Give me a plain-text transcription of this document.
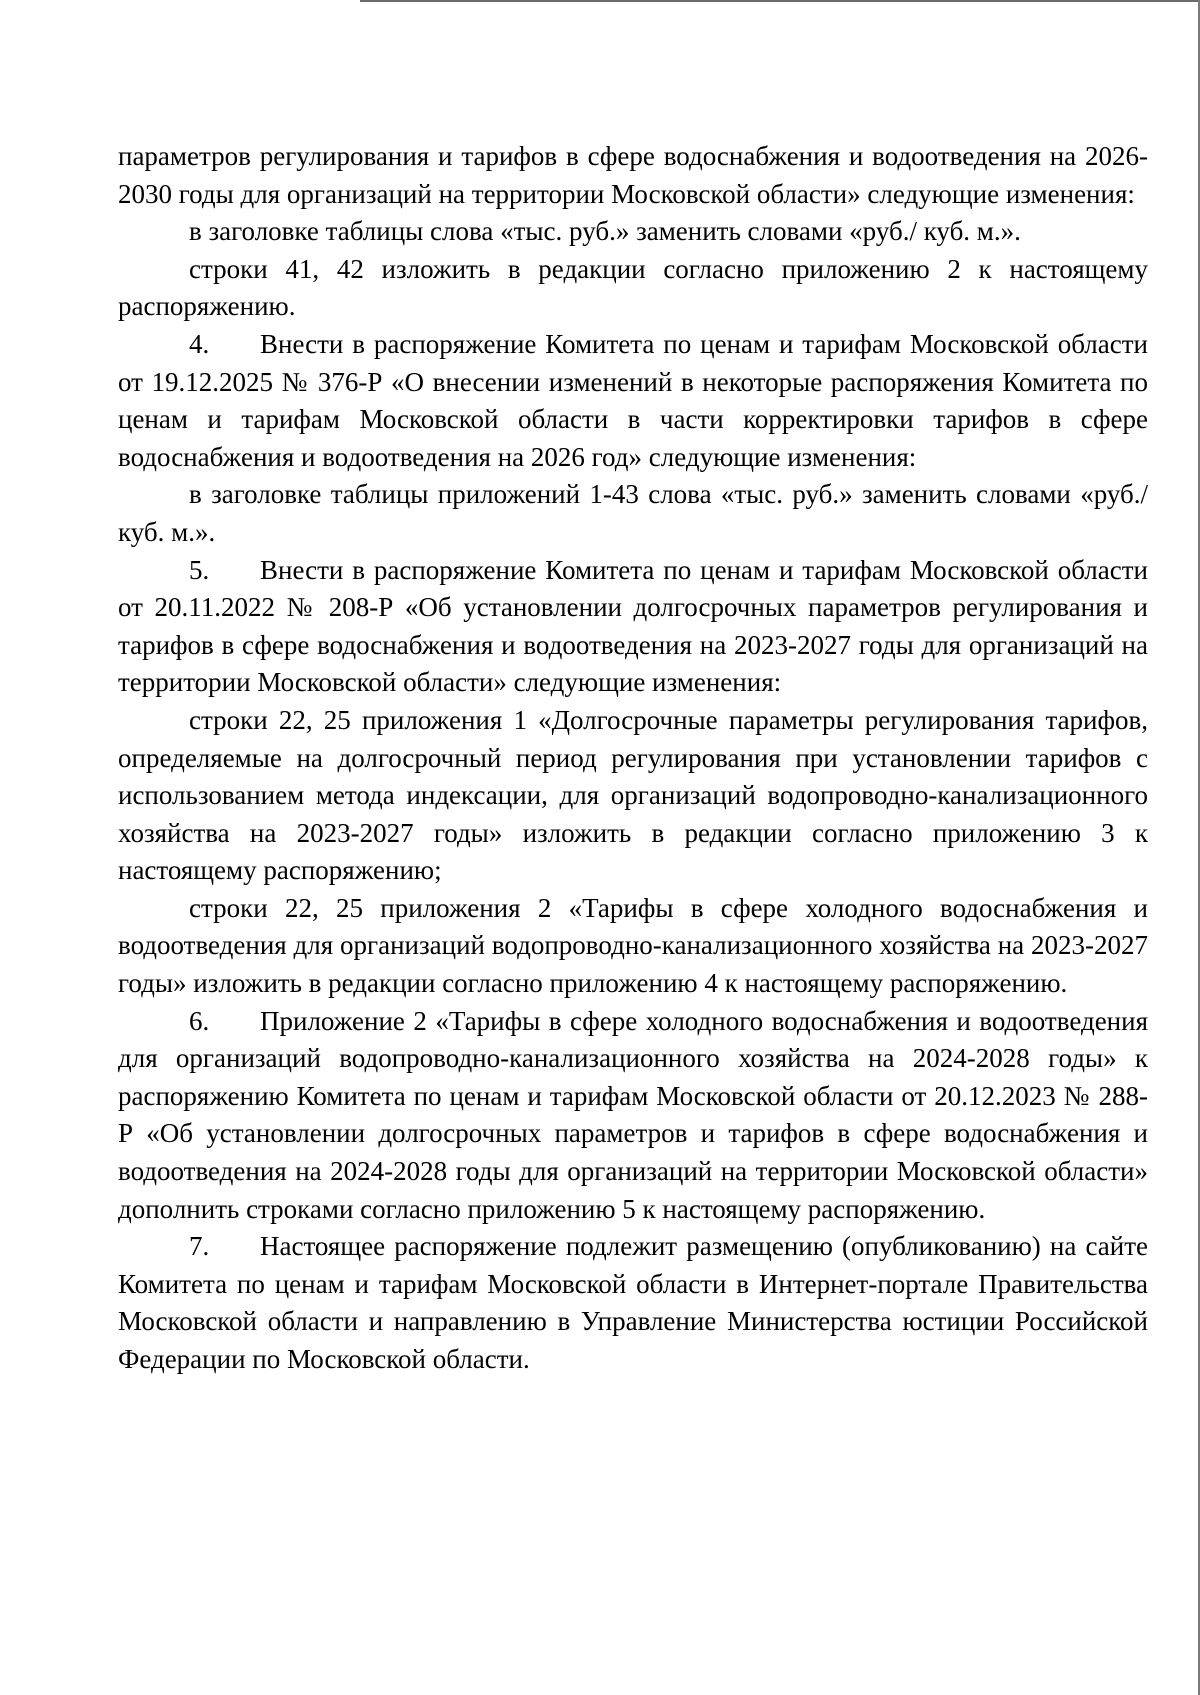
параметров регулирования и тарифов в сфере водоснабжения и водоотведения на 2026-2030 годы для организаций на территории Московской области» следующие изменения:

в заголовке таблицы слова «тыс. руб.» заменить словами «руб./ куб. м.».

строки 41, 42 изложить в редакции согласно приложению 2 к настоящему распоряжению.

4. Внести в распоряжение Комитета по ценам и тарифам Московской области от 19.12.2025 № 376-Р «О внесении изменений в некоторые распоряжения Комитета по ценам и тарифам Московской области в части корректировки тарифов в сфере водоснабжения и водоотведения на 2026 год» следующие изменения:

в заголовке таблицы приложений 1-43 слова «тыс. руб.» заменить словами «руб./ куб. м.».

5. Внести в распоряжение Комитета по ценам и тарифам Московской области от 20.11.2022 № 208-Р «Об установлении долгосрочных параметров регулирования и тарифов в сфере водоснабжения и водоотведения на 2023-2027 годы для организаций на территории Московской области» следующие изменения:

строки 22, 25 приложения 1 «Долгосрочные параметры регулирования тарифов, определяемые на долгосрочный период регулирования при установлении тарифов с использованием метода индексации, для организаций водопроводно-канализационного хозяйства на 2023-2027 годы» изложить в редакции согласно приложению 3 к настоящему распоряжению;

строки 22, 25 приложения 2 «Тарифы в сфере холодного водоснабжения и водоотведения для организаций водопроводно-канализационного хозяйства на 2023-2027 годы» изложить в редакции согласно приложению 4 к настоящему распоряжению.

6. Приложение 2 «Тарифы в сфере холодного водоснабжения и водоотведения для организаций водопроводно-канализационного хозяйства на 2024-2028 годы» к распоряжению Комитета по ценам и тарифам Московской области от 20.12.2023 № 288-Р «Об установлении долгосрочных параметров и тарифов в сфере водоснабжения и водоотведения на 2024-2028 годы для организаций на территории Московской области» дополнить строками согласно приложению 5 к настоящему распоряжению.

7. Настоящее распоряжение подлежит размещению (опубликованию) на сайте Комитета по ценам и тарифам Московской области в Интернет-портале Правительства Московской области и направлению в Управление Министерства юстиции Российской Федерации по Московской области.
